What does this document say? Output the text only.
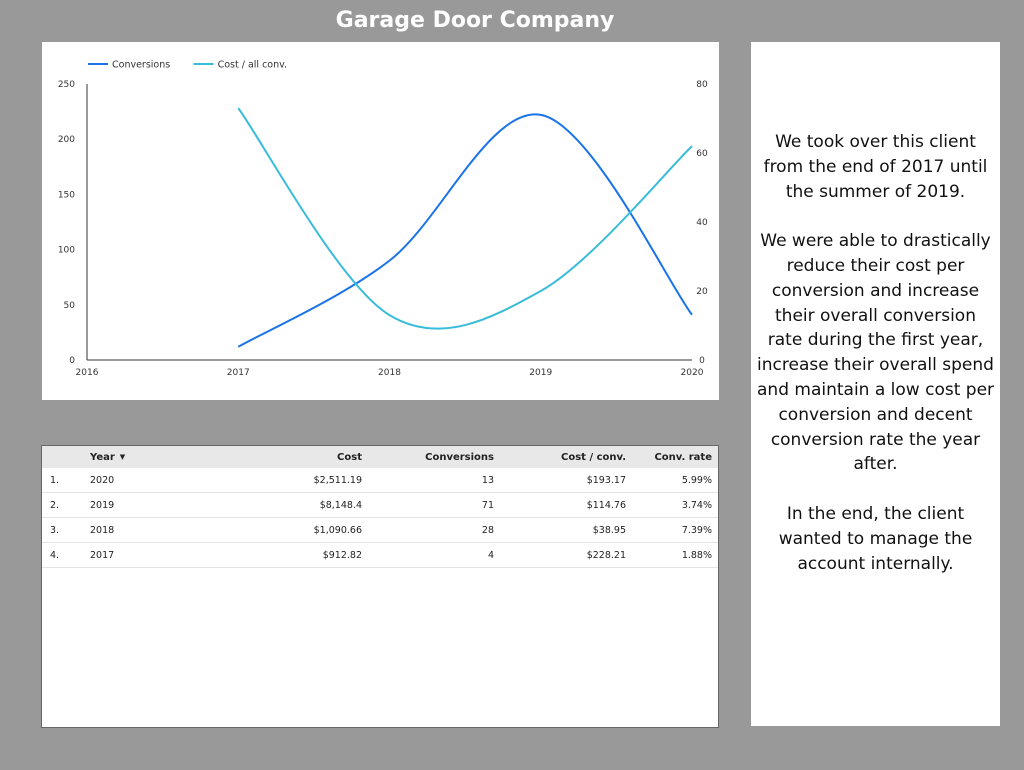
Garage Door Company
0
50
100
150
200
250
0
20
40
60
80
2016	2017	2018	2019	2020
Conversions	Cost / all conv.
	Year ▼	Cost	Conversions	Cost / conv.	Conv. rate
1.	2020	$2,511.19	13	$193.17	5.99%
2.	2019	$8,148.4	71	$114.76	3.74%
3.	2018	$1,090.66	28	$38.95	7.39%
4.	2017	$912.82	4	$228.21	1.88%

We took over this client from the end of 2017 until the summer of 2019.

We were able to drastically reduce their cost per conversion and increase their overall conversion rate during the first year, increase their overall spend and maintain a low cost per conversion and decent conversion rate the year after.

In the end, the client wanted to manage the account internally.
